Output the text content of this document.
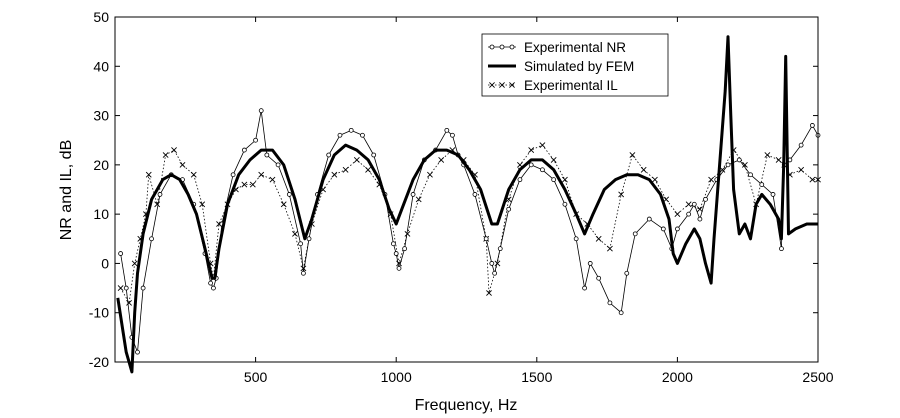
500	1000	1500	2000	2500
-20
-10
0
10
20
30
40
50
Frequency, Hz
NR and IL, dB
Experimental NR
Simulated by FEM
Experimental IL
